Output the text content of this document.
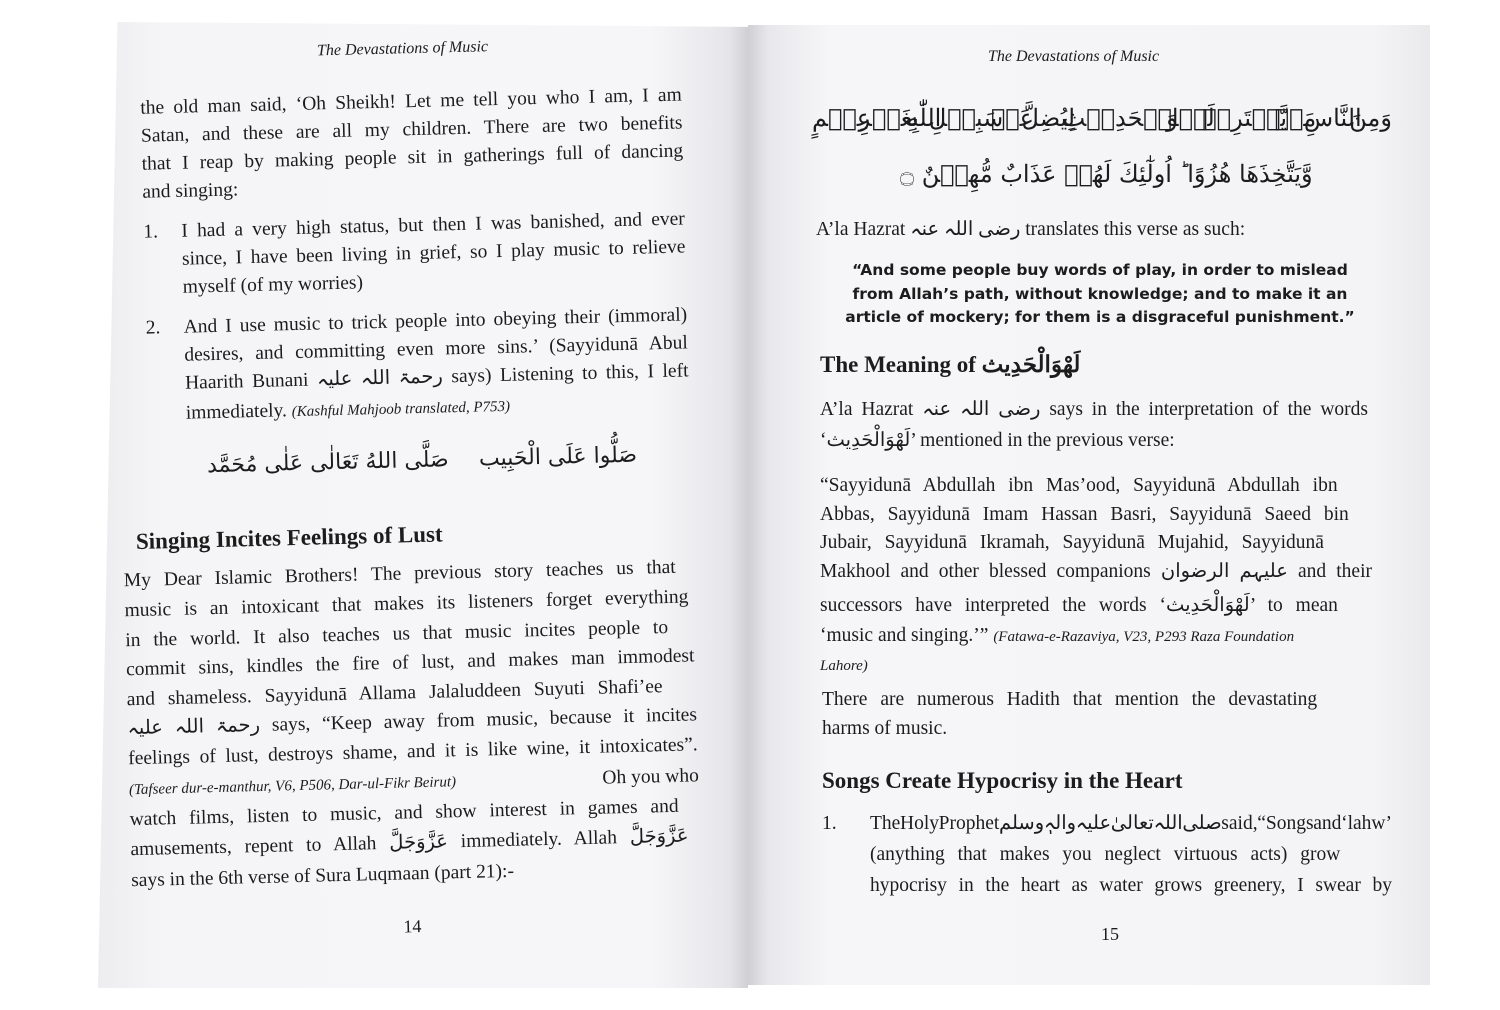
The Devastations of Music
the old man said, ‘Oh Sheikh! Let me tell you who I am, I am
Satan, and these are all my children. There are two benefits
that I reap by making people sit in gatherings full of dancing
and singing:
1. I had a very high status, but then I was banished, and ever
since, I have been living in grief, so I play music to relieve
myself (of my worries)
2. And I use music to trick people into obeying their (immoral)
desires, and committing even more sins.’ (Sayyidunā Abul
Haarith Bunani رحمۃ اللہ علیہ says) Listening to this, I left
immediately. (Kashful Mahjoob translated, P753)
صَلَّى اللهُ تَعَالٰى عَلٰى مُحَمَّد صَلُّوا عَلَى الْحَبِيب
Singing Incites Feelings of Lust
My Dear Islamic Brothers! The previous story teaches us that
music is an intoxicant that makes its listeners forget everything
in the world. It also teaches us that music incites people to
commit sins, kindles the fire of lust, and makes man immodest
and shameless. Sayyidunā Allama Jalaluddeen Suyuti Shafi’ee
رحمۃ اللہ علیہ says, “Keep away from music, because it incites
feelings of lust, destroys shame, and it is like wine, it intoxicates”.
(Tafseer dur-e-manthur, V6, P506, Dar-ul-Fikr Beirut)	Oh you who
watch films, listen to music, and show interest in games and
amusements, repent to Allah عَزَّوَجَلَّ immediately. Allah عَزَّوَجَلَّ
says in the 6th verse of Sura Luqmaan (part 21):-
14
The Devastations of Music
وَمِنَ النَّاسِ مَنۡ يَّشۡتَرِىۡ لَهۡوَ الۡحَدِيۡثِ لِيُضِلَّ عَنۡ سَبِيۡلِ اللّٰهِ بِغَيۡرِ عِلۡمٍ
وَّيَتَّخِذَهَا هُزُوًا ؕ اُولٰٓئِكَ لَهُمۡ عَذَابٌ مُّهِيۡنٌ ۝
A’la Hazrat رضی اللہ عنہ translates this verse as such:
“And some people buy words of play, in order to mislead
from Allah’s path, without knowledge; and to make it an
article of mockery; for them is a disgraceful punishment.”
The Meaning of لَهْوَالْحَدِيث
A’la Hazrat رضی اللہ عنہ says in the interpretation of the words
‘لَهْوَالْحَدِيث’ mentioned in the previous verse:
“Sayyidunā Abdullah ibn Mas’ood, Sayyidunā Abdullah ibn
Abbas, Sayyidunā Imam Hassan Basri, Sayyidunā Saeed bin
Jubair, Sayyidunā Ikramah, Sayyidunā Mujahid, Sayyidunā
Makhool and other blessed companions علیہم الرضوان and their
successors have interpreted the words ‘لَهْوَالْحَدِيث’ to mean
‘music and singing.’” (Fatawa-e-Razaviya, V23, P293 Raza Foundation
Lahore)
There are numerous Hadith that mention the devastating
harms of music.
Songs Create Hypocrisy in the Heart
1. The Holy Prophet صلی اللہ تعالیٰ علیہ والہٖ وسلم said, “Songs and ‘lahw’
(anything that makes you neglect virtuous acts) grow
hypocrisy in the heart as water grows greenery, I swear by
15
